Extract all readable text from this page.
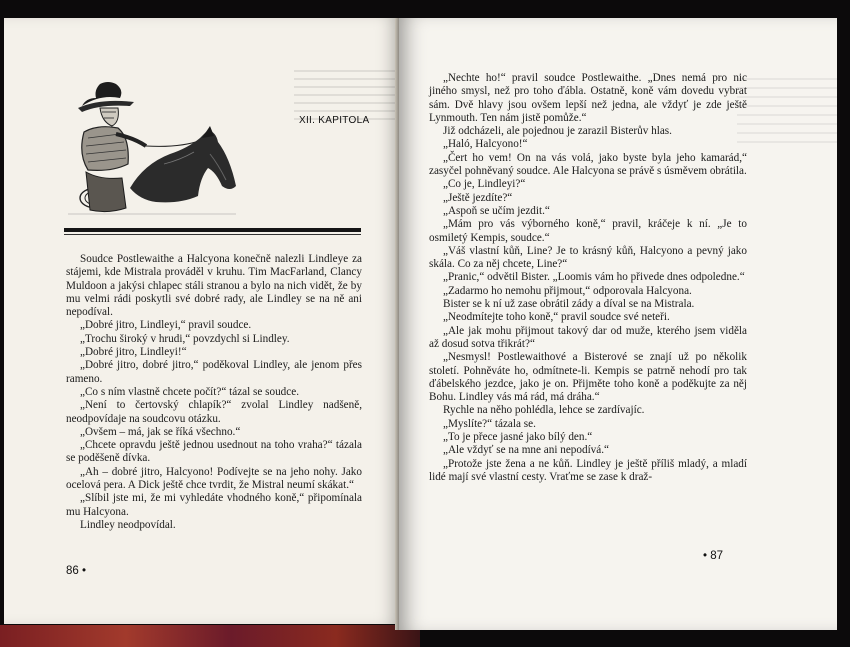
XII. KAPITOLA

Soudce Postlewaithe a Halcyona konečně nalezli Lindleye za stájemi, kde Mistrala prováděl v kruhu. Tim MacFarland, Clancy Muldoon a jakýsi chlapec stáli stranou a bylo na nich vidět, že by mu velmi rádi poskytli své dobré rady, ale Lindley se na ně ani nepodíval.

„Dobré jitro, Lindleyi,“ pravil soudce.

„Trochu široký v hrudi,“ povzdychl si Lindley.

„Dobré jitro, Lindleyi!“

„Dobré jitro, dobré jitro,“ poděkoval Lindley, ale jenom přes rameno.

„Co s ním vlastně chcete počít?“ tázal se soudce.

„Není to čertovský chlapík?“ zvolal Lindley nadšeně, neodpovídaje na soudcovu otázku.

„Ovšem – má, jak se říká všechno.“

„Chcete opravdu ještě jednou usednout na toho vraha?“ tázala se poděšeně dívka.

„Ah – dobré jitro, Halcyono! Podívejte se na jeho nohy. Jako ocelová pera. A Dick ještě chce tvrdit, že Mistral neumí skákat.“

„Slíbil jste mi, že mi vyhledáte vhodného koně,“ připomínala mu Halcyona.

Lindley neodpovídal.

86 •

„Nechte ho!“ pravil soudce Postlewaithe. „Dnes nemá pro nic jiného smysl, než pro toho ďábla. Ostatně, koně vám dovedu vybrat sám. Dvě hlavy jsou ovšem lepší než jedna, ale vždyť je zde ještě Lynmouth. Ten nám jistě pomůže.“

Již odcházeli, ale pojednou je zarazil Bisterův hlas.

„Haló, Halcyono!“

„Čert ho vem! On na vás volá, jako byste byla jeho kamarád,“ zasyčel pohněvaný soudce. Ale Halcyona se právě s úsměvem obrátila.

„Co je, Lindleyi?“

„Ještě jezdíte?“

„Aspoň se učím jezdit.“

„Mám pro vás výborného koně,“ pravil, kráčeje k ní. „Je to osmiletý Kempis, soudce.“

„Váš vlastní kůň, Line? Je to krásný kůň, Halcyono a pevný jako skála. Co za něj chcete, Line?“

„Pranic,“ odvětil Bister. „Loomis vám ho přivede dnes odpoledne.“

„Zadarmo ho nemohu přijmout,“ odporovala Halcyona.

Bister se k ní už zase obrátil zády a díval se na Mistrala.

„Neodmítejte toho koně,“ pravil soudce své neteři.

„Ale jak mohu přijmout takový dar od muže, kterého jsem viděla až dosud sotva třikrát?“

„Nesmysl! Postlewaithové a Bisterové se znají už po několik století. Pohněváte ho, odmítnete-li. Kempis se patrně nehodí pro tak ďábelského jezdce, jako je on. Přijměte toho koně a poděkujte za něj Bohu. Lindley vás má rád, má dráha.“

Rychle na něho pohlédla, lehce se zardívajíc.

„Myslíte?“ tázala se.

„To je přece jasné jako bílý den.“

„Ale vždyť se na mne ani nepodívá.“

„Protože jste žena a ne kůň. Lindley je ještě příliš mladý, a mladí lidé mají své vlastní cesty. Vraťme se zase k draž-

• 87
